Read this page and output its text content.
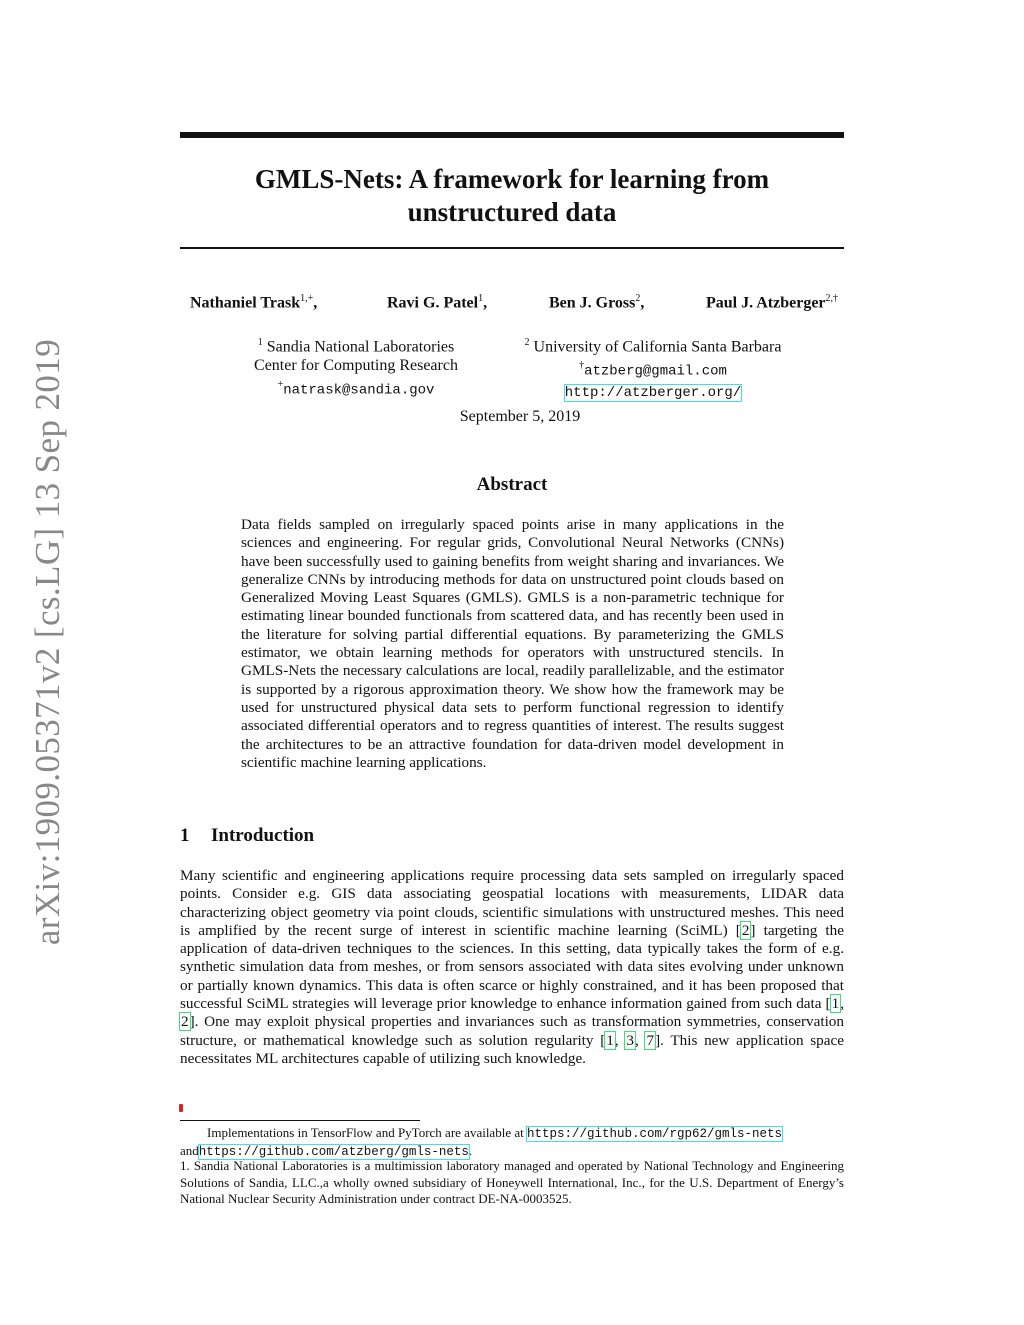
arXiv:1909.05371v2 [cs.LG] 13 Sep 2019
GMLS-Nets: A framework for learning from
unstructured data
Nathaniel Trask$^{1,+}$,	Ravi G. Patel$^1$,	Ben J. Gross$^2$,	Paul J. Atzberger$^{2,\dagger}$
$^1$ Sandia National Laboratories
Center for Computing Research
+natrask@sandia.gov
$^2$ University of California Santa Barbara
†atzberg@gmail.com
http://atzberger.org/
September 5, 2019
Abstract
Data fields sampled on irregularly spaced points arise in many applications in the sciences and engineering. For regular grids, Convolutional Neural Networks (CNNs) have been successfully used to gaining benefits from weight sharing and invariances. We generalize CNNs by introducing methods for data on unstructured point clouds based on Generalized Moving Least Squares (GMLS). GMLS is a non-parametric technique for estimating linear bounded functionals from scattered data, and has recently been used in the literature for solving partial differential equations. By parameterizing the GMLS estimator, we obtain learning methods for operators with unstructured stencils. In GMLS-Nets the necessary calculations are local, readily parallelizable, and the estimator is supported by a rigorous approximation theory. We show how the framework may be used for unstructured physical data sets to perform functional regression to identify associated differential operators and to regress quantities of interest. The results suggest the architectures to be an attractive foundation for data-driven model development in scientific machine learning applications.
1 Introduction
Many scientific and engineering applications require processing data sets sampled on irregularly spaced points. Consider e.g. GIS data associating geospatial locations with measurements, LIDAR data characterizing object geometry via point clouds, scientific simulations with unstructured meshes. This need is amplified by the recent surge of interest in scientific machine learning (SciML) [2] targeting the application of data-driven techniques to the sciences. In this setting, data typically takes the form of e.g. synthetic simulation data from meshes, or from sensors associated with data sites evolving under unknown or partially known dynamics. This data is often scarce or highly constrained, and it has been proposed that successful SciML strategies will leverage prior knowledge to enhance information gained from such data [1, 2]. One may exploit physical properties and invariances such as transformation symmetries, conservation structure, or mathematical knowledge such as solution regularity [1, 3, 7]. This new application space necessitates ML architectures capable of utilizing such knowledge.
Implementations in TensorFlow and PyTorch are available at https://github.com/rgp62/gmls-nets
andhttps://github.com/atzberg/gmls-nets.
1. Sandia National Laboratories is a multimission laboratory managed and operated by National Technology and Engineering Solutions of Sandia, LLC.,a wholly owned subsidiary of Honeywell International, Inc., for the U.S. Department of Energy’s National Nuclear Security Administration under contract DE-NA-0003525.
